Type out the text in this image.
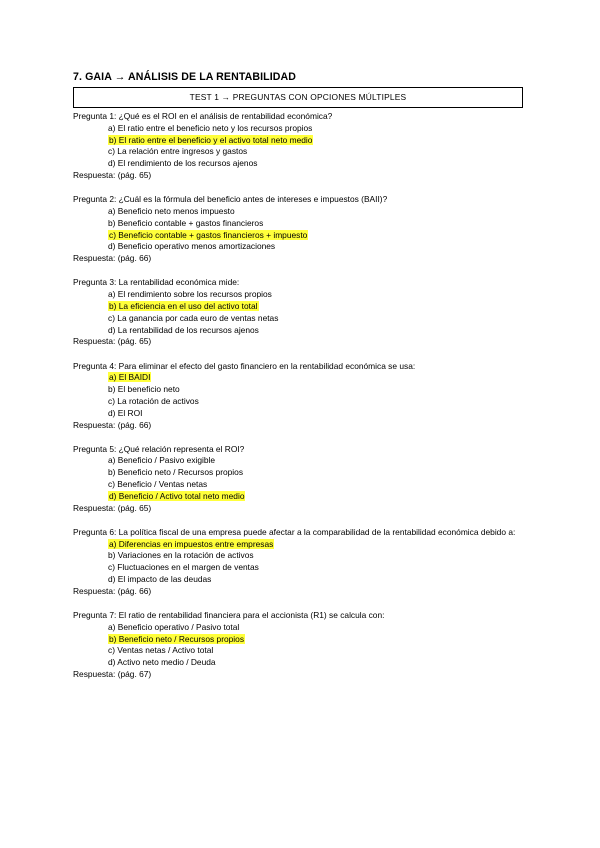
7. GAIA → ANÁLISIS DE LA RENTABILIDAD
TEST 1 → PREGUNTAS CON OPCIONES MÚLTIPLES
Pregunta 1: ¿Qué es el ROI en el análisis de rentabilidad económica?
a) El ratio entre el beneficio neto y los recursos propios
b) El ratio entre el beneficio y el activo total neto medio
c) La relación entre ingresos y gastos
d) El rendimiento de los recursos ajenos
Respuesta: (pág. 65)
Pregunta 2: ¿Cuál es la fórmula del beneficio antes de intereses e impuestos (BAII)?
a) Beneficio neto menos impuesto
b) Beneficio contable + gastos financieros
c) Beneficio contable + gastos financieros + impuesto
d) Beneficio operativo menos amortizaciones
Respuesta: (pág. 66)
Pregunta 3: La rentabilidad económica mide:
a) El rendimiento sobre los recursos propios
b) La eficiencia en el uso del activo total
c) La ganancia por cada euro de ventas netas
d) La rentabilidad de los recursos ajenos
Respuesta: (pág. 65)
Pregunta 4: Para eliminar el efecto del gasto financiero en la rentabilidad económica se usa:
a) El BAIDI
b) El beneficio neto
c) La rotación de activos
d) El ROI
Respuesta: (pág. 66)
Pregunta 5: ¿Qué relación representa el ROI?
a) Beneficio / Pasivo exigible
b) Beneficio neto / Recursos propios
c) Beneficio / Ventas netas
d) Beneficio / Activo total neto medio
Respuesta: (pág. 65)
Pregunta 6: La política fiscal de una empresa puede afectar a la comparabilidad de la rentabilidad económica debido a:
a) Diferencias en impuestos entre empresas
b) Variaciones en la rotación de activos
c) Fluctuaciones en el margen de ventas
d) El impacto de las deudas
Respuesta: (pág. 66)
Pregunta 7: El ratio de rentabilidad financiera para el accionista (R1) se calcula con:
a) Beneficio operativo / Pasivo total
b) Beneficio neto / Recursos propios
c) Ventas netas / Activo total
d) Activo neto medio / Deuda
Respuesta: (pág. 67)
